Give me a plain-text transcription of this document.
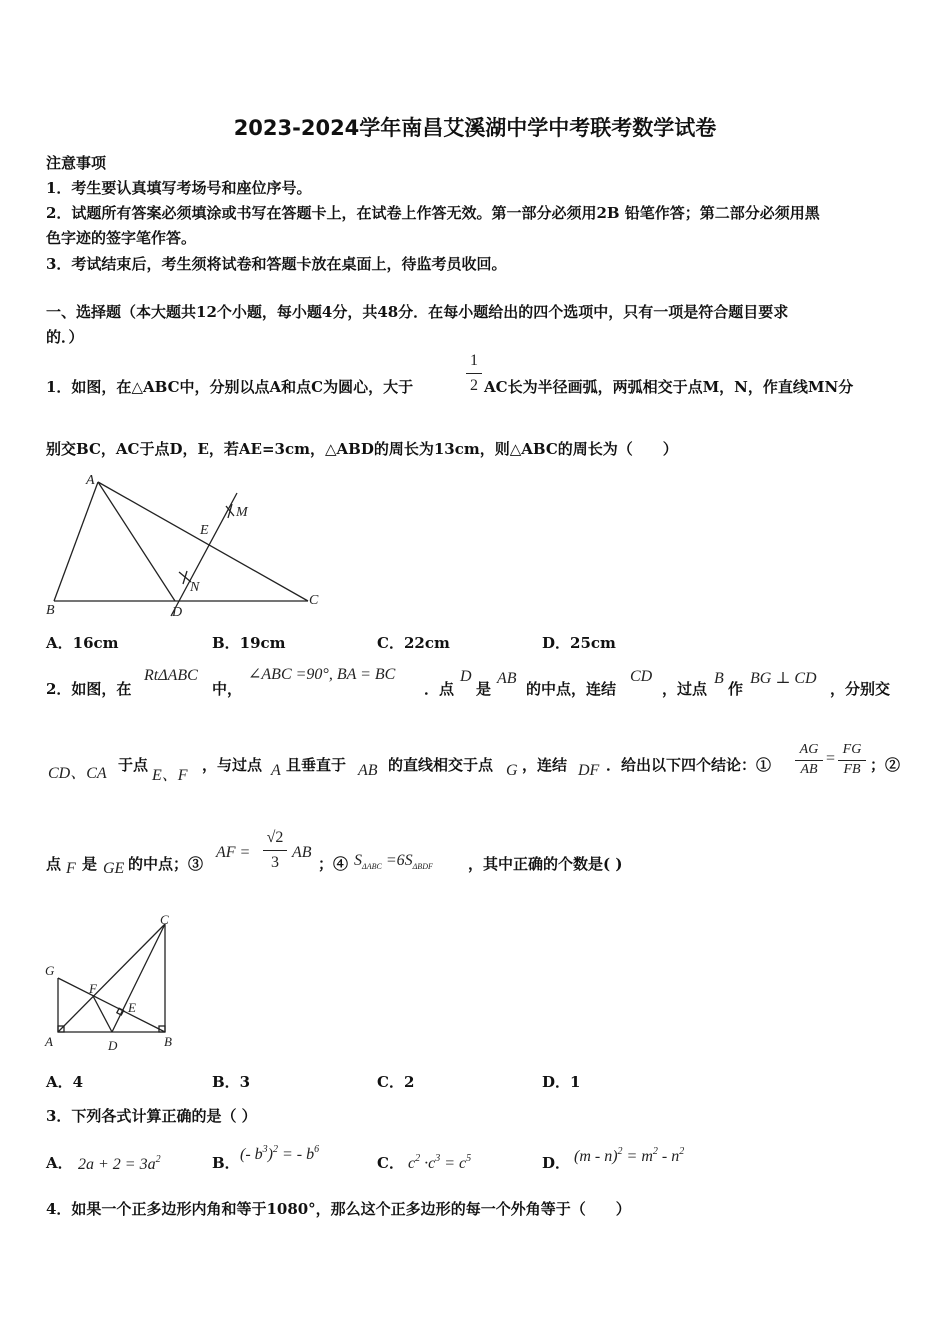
2023-2024学年南昌艾溪湖中学中考联考数学试卷
注意事项
1．考生要认真填写考场号和座位序号。
2．试题所有答案必须填涂或书写在答题卡上，在试卷上作答无效。第一部分必须用2B 铅笔作答；第二部分必须用黑
色字迹的签字笔作答。
3．考试结束后，考生须将试卷和答题卡放在桌面上，待监考员收回。
一、选择题（本大题共12个小题，每小题4分，共48分．在每小题给出的四个选项中，只有一项是符合题目要求
的．）
1．如图，在△ABC中，分别以点A和点C为圆心，大于
1
2 AC长为半径画弧，两弧相交于点M，N，作直线MN分
别交BC，AC于点D，E，若AE=3cm，△ABD的周长为13cm，则△ABC的周长为（　　）
A
B
C
D
E
M
N
A．16cm	B．19cm	C．22cm	D．25cm
2．如图，在
RtΔABC
中，
∠ABC =90°, BA = BC
．点
D
是
AB
的中点，连结
CD
，过点
B
作
BG ⊥ CD
，分别交
CD、CA 于点
E、F
，与过点 A 且垂直于 AB 的直线相交于点 G ，连结 DF ．给出以下四个结论：①
AG
AB
=
FG
FB ；②
点 F 是 GE 的中点；③
AF =
√2
3
AB
；④ $S_{\Delta ABC} =6S_{\Delta BDF}$ ，其中正确的个数是( )
C
G
F
E
A	D	B
A．4	B．3	C．2	D．1
3．下列各式计算正确的是（ ）
A． $2a + 2 = 3a^2$	B． (- $b^3)^2$ = - $b^6$
C． $c^2 \cdot c^3 = c^5$	D． $(m - n)^2 = m^2 - n^2$
4．如果一个正多边形内角和等于1080°，那么这个正多边形的每一个外角等于（　　）
